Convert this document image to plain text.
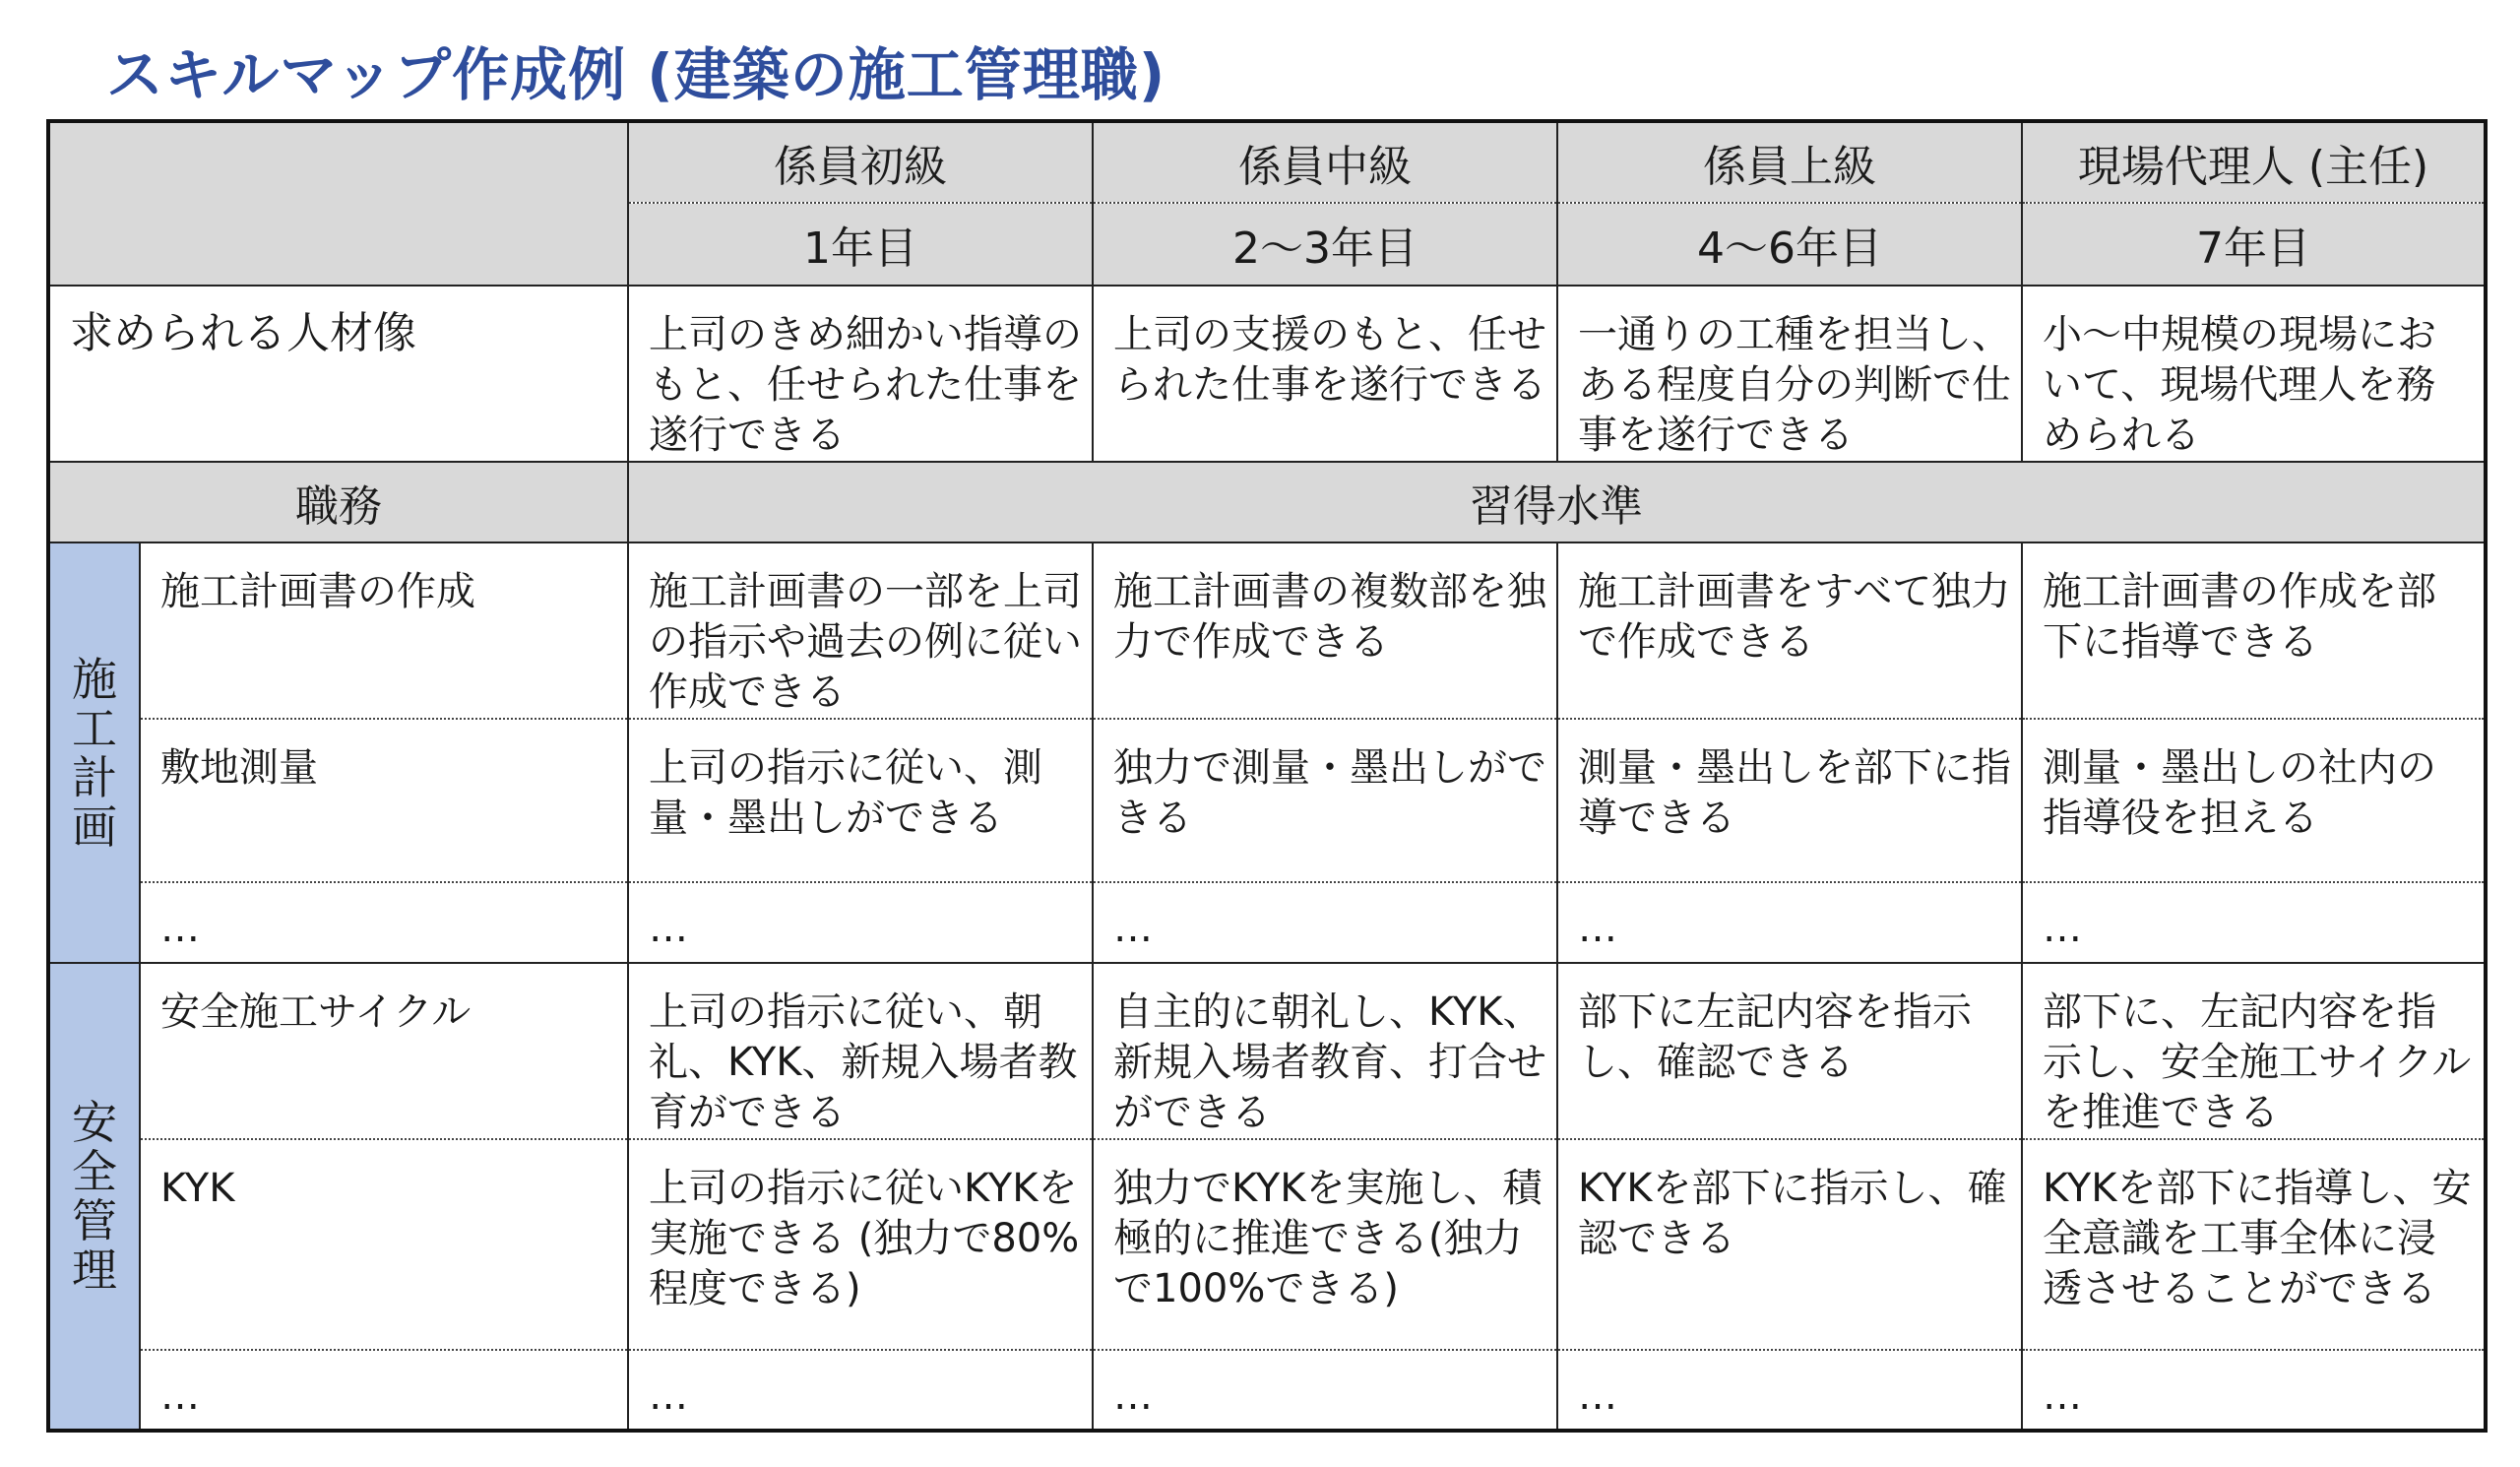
スキルマップ作成例 (建築の施工管理職)
		係員初級	係員中級	係員上級	現場代理人 (主任)
		1年目	2～3年目	4～6年目	7年目
求められる人材像		上司のきめ細かい指導のもと、任せられた仕事を遂行できる	上司の支援のもと、任せられた仕事を遂行できる	一通りの工種を担当し、ある程度自分の判断で仕事を遂行できる	小～中規模の現場において、現場代理人を務められる
職務		習得水準			
施工計画	施工計画書の作成	施工計画書の一部を上司の指示や過去の例に従い作成できる	施工計画書の複数部を独力で作成できる	施工計画書をすべて独力で作成できる	施工計画書の作成を部下に指導できる
	敷地測量	上司の指示に従い、測量・墨出しができる	独力で測量・墨出しができる	測量・墨出しを部下に指導できる	測量・墨出しの社内の指導役を担える
	…	…	…	…	…
安全管理	安全施工サイクル	上司の指示に従い、朝礼、KYK、新規入場者教育ができる	自主的に朝礼し、KYK、新規入場者教育、打合せができる	部下に左記内容を指示し、確認できる	部下に、左記内容を指示し、安全施工サイクルを推進できる
	KYK	上司の指示に従いKYKを実施できる (独力で80%程度できる)	独力でKYKを実施し、積極的に推進できる(独力で100%できる)	KYKを部下に指示し、確認できる	KYKを部下に指導し、安全意識を工事全体に浸透させることができる
	…	…	…	…	…
